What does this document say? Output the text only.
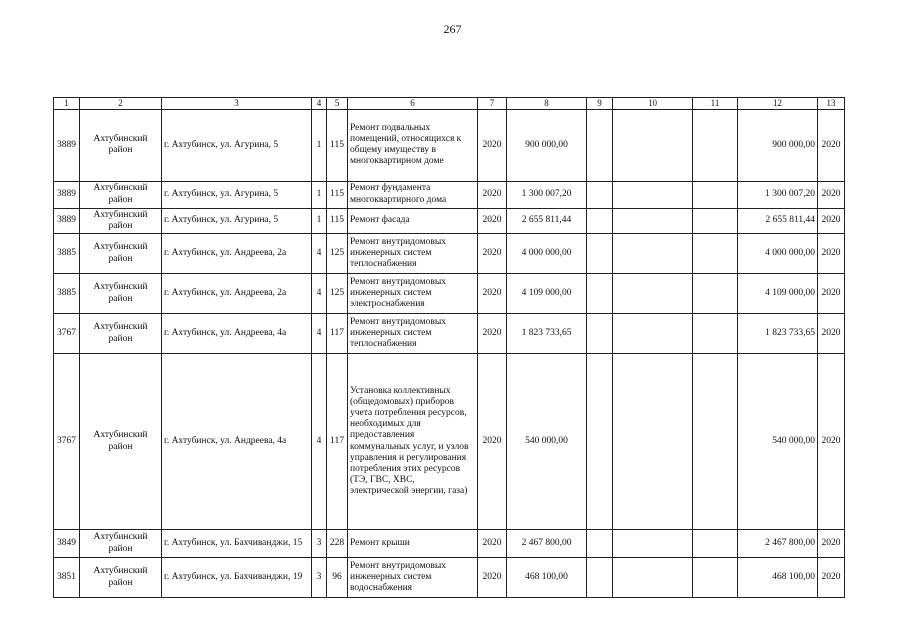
267
1	2	3	4	5	6	7	8	9	10	11	12	13
3889	Ахтубинский район	г. Ахтубинск, ул. Агурина, 5	1	115	Ремонт подвальных помещений, относящихся к общему имуществу в многоквартирном доме	2020	900 000,00				900 000,00	2020
3889	Ахтубинский район	г. Ахтубинск, ул. Агурина, 5	1	115	Ремонт фундамента многоквартирного дома	2020	1 300 007,20				1 300 007,20	2020
3889	Ахтубинский район	г. Ахтубинск, ул. Агурина, 5	1	115	Ремонт фасада	2020	2 655 811,44				2 655 811,44	2020
3885	Ахтубинский район	г. Ахтубинск, ул. Андреева, 2а	4	125	Ремонт внутридомовых инженерных систем теплоснабжения	2020	4 000 000,00				4 000 000,00	2020
3885	Ахтубинский район	г. Ахтубинск, ул. Андреева, 2а	4	125	Ремонт внутридомовых инженерных систем электроснабжения	2020	4 109 000,00				4 109 000,00	2020
3767	Ахтубинский район	г. Ахтубинск, ул. Андреева, 4а	4	117	Ремонт внутридомовых инженерных систем теплоснабжения	2020	1 823 733,65				1 823 733,65	2020
3767	Ахтубинский район	г. Ахтубинск, ул. Андреева, 4а	4	117	Установка коллективных (общедомовых) приборов учета потребления ресурсов, необходимых для предоставления коммунальных услуг, и узлов управления и регулирования потребления этих ресурсов (ТЭ, ГВС, ХВС, электрической энергии, газа)	2020	540 000,00				540 000,00	2020
3849	Ахтубинский район	г. Ахтубинск, ул. Бахчиванджи, 15	3	228	Ремонт крыши	2020	2 467 800,00				2 467 800,00	2020
3851	Ахтубинский район	г. Ахтубинск, ул. Бахчиванджи, 19	3	96	Ремонт внутридомовых инженерных систем водоснабжения	2020	468 100,00				468 100,00	2020
